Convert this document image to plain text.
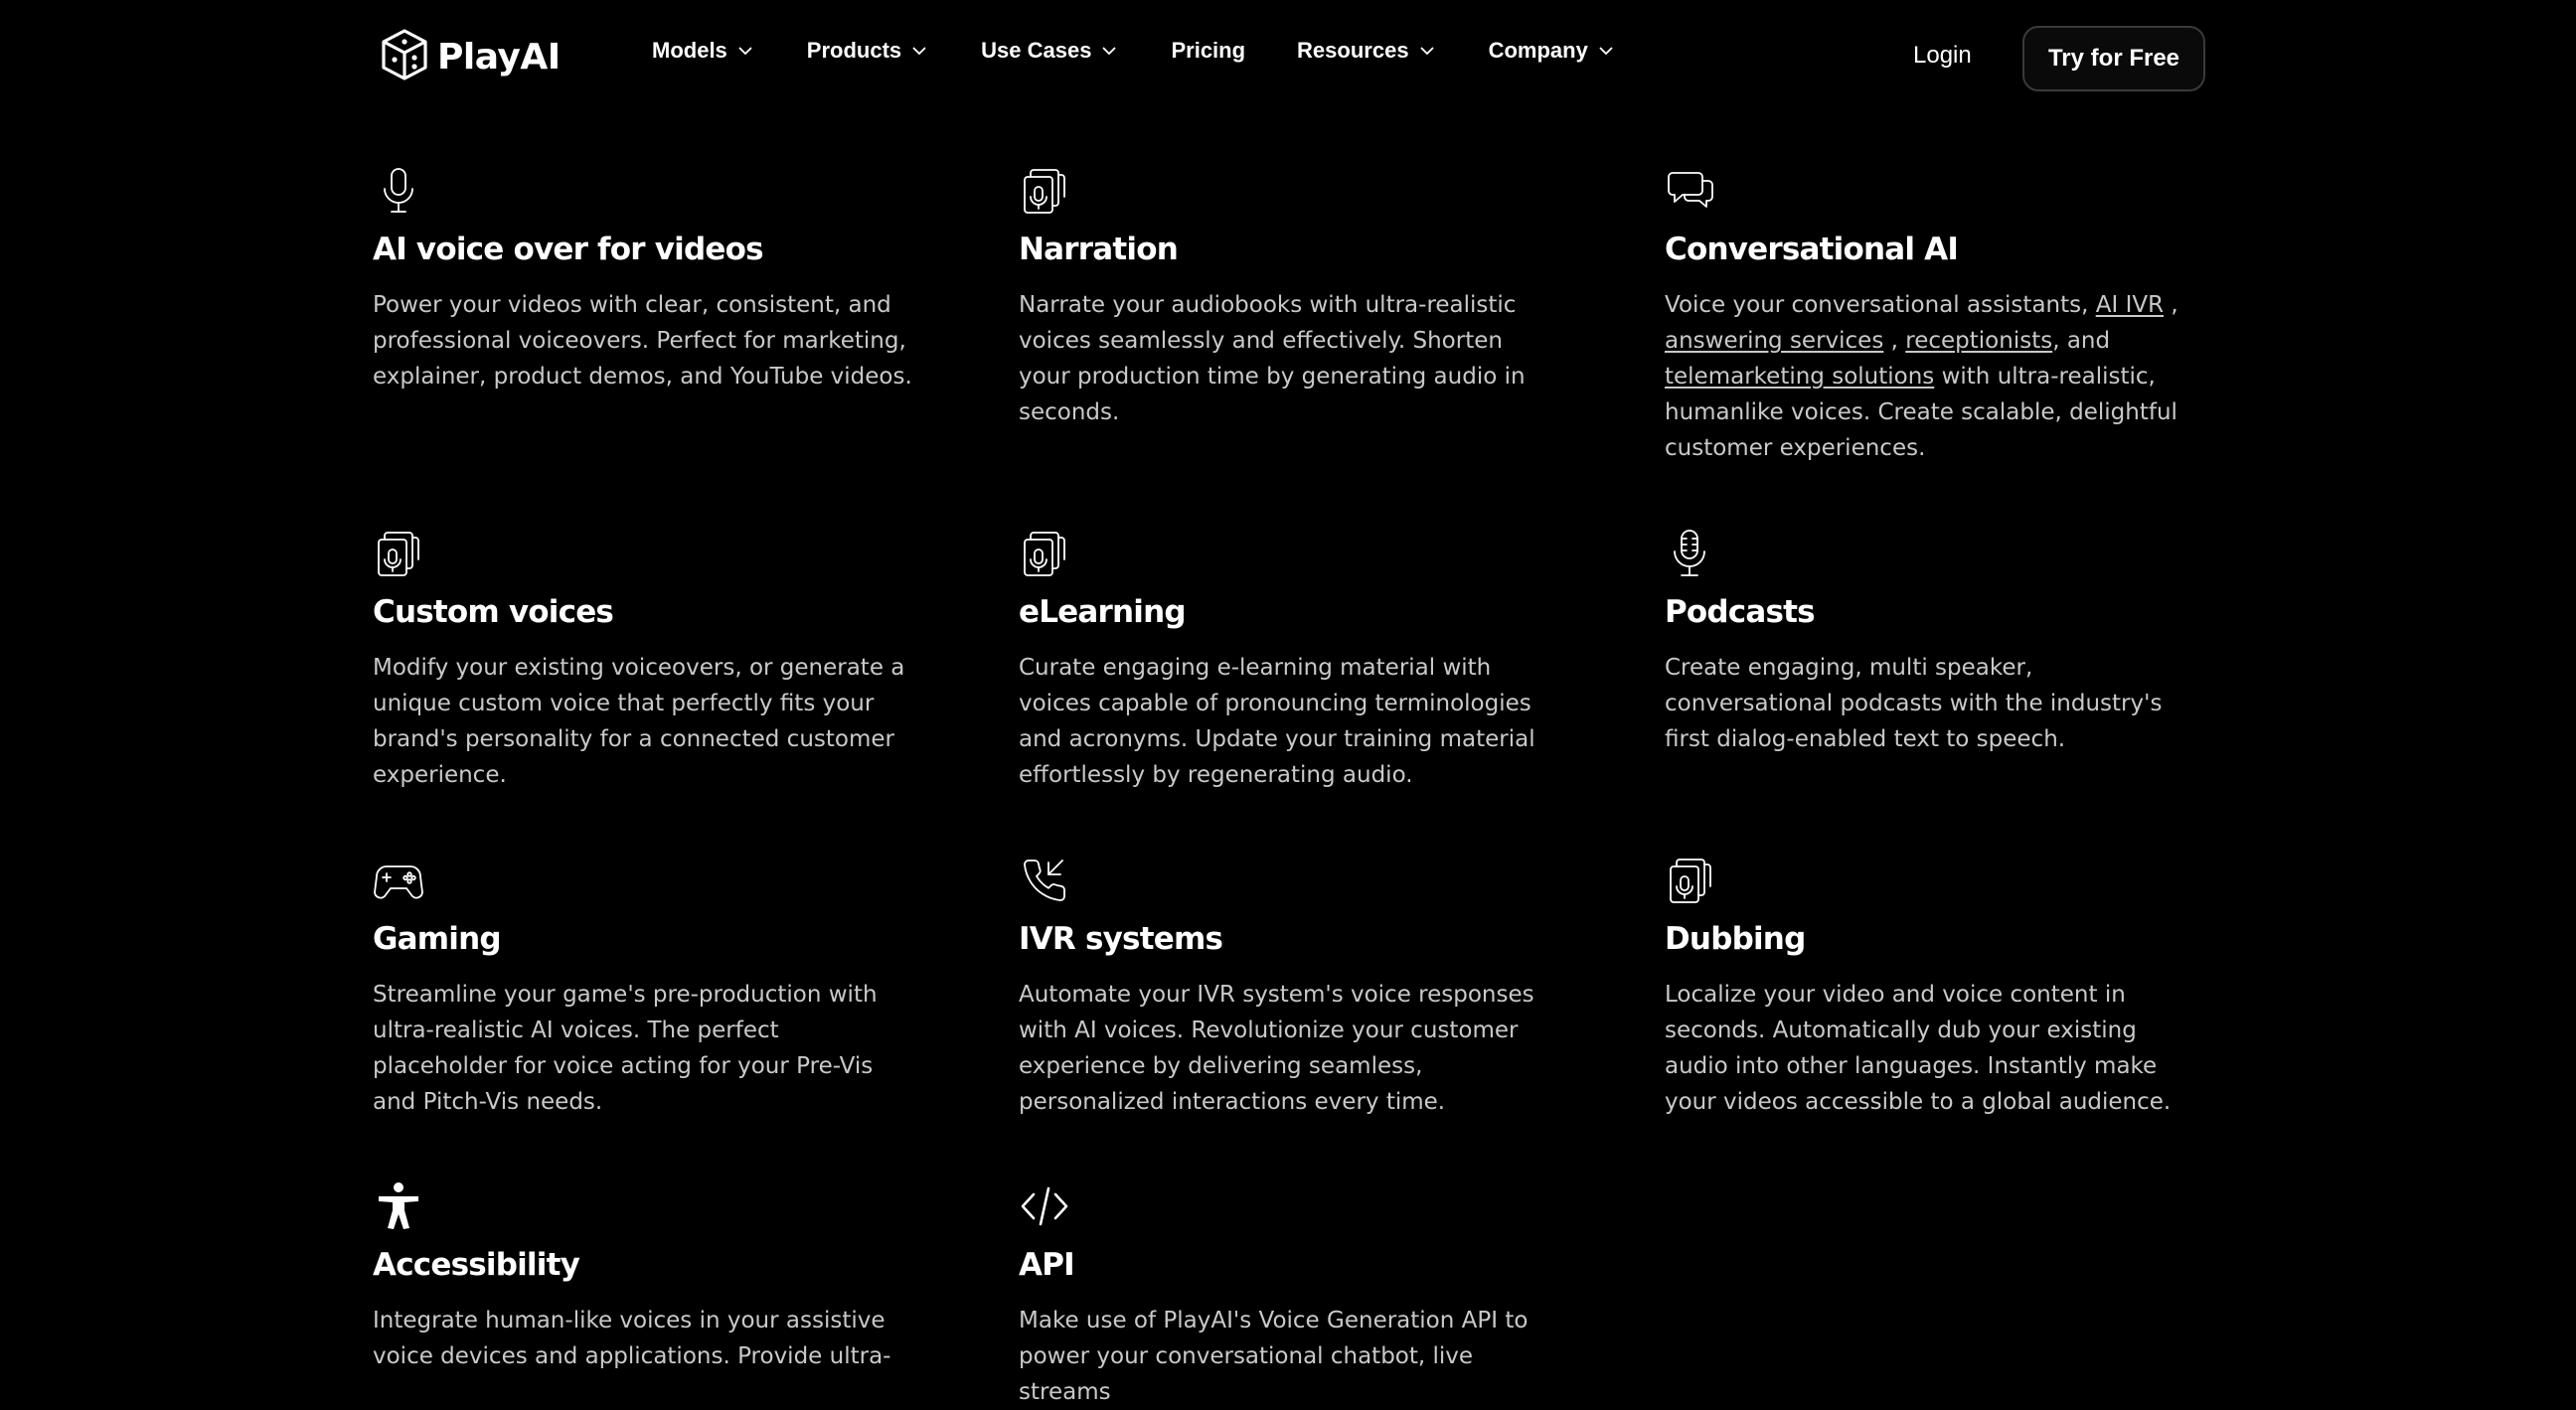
PlayAI	Models	Products	Use Cases	Pricing Resources	Company	Login	Try for Free
AI voice over for videos

Power your videos with clear, consistent, and professional voiceovers. Perfect for marketing, explainer, product demos, and YouTube videos.

Narration

Narrate your audiobooks with ultra-realistic voices seamlessly and effectively. Shorten your production time by generating audio in seconds.

Conversational AI

Voice your conversational assistants, AI IVR , answering services , receptionists, and telemarketing solutions with ultra-realistic, humanlike voices. Create scalable, delightful customer experiences.

Custom voices

Modify your existing voiceovers, or generate a unique custom voice that perfectly fits your brand's personality for a connected customer experience.

eLearning

Curate engaging e-learning material with voices capable of pronouncing terminologies and acronyms. Update your training material effortlessly by regenerating audio.

Podcasts

Create engaging, multi speaker, conversational podcasts with the industry's first dialog-enabled text to speech.

Gaming

Streamline your game's pre-production with ultra-realistic AI voices. The perfect placeholder for voice acting for your Pre-Vis and Pitch-Vis needs.

IVR systems

Automate your IVR system's voice responses with AI voices. Revolutionize your customer experience by delivering seamless, personalized interactions every time.

Dubbing

Localize your video and voice content in seconds. Automatically dub your existing audio into other languages. Instantly make your videos accessible to a global audience.

Accessibility

Integrate human-like voices in your assistive voice devices and applications. Provide ultra-

API

Make use of PlayAI's Voice Generation API to power your conversational chatbot, live streams
